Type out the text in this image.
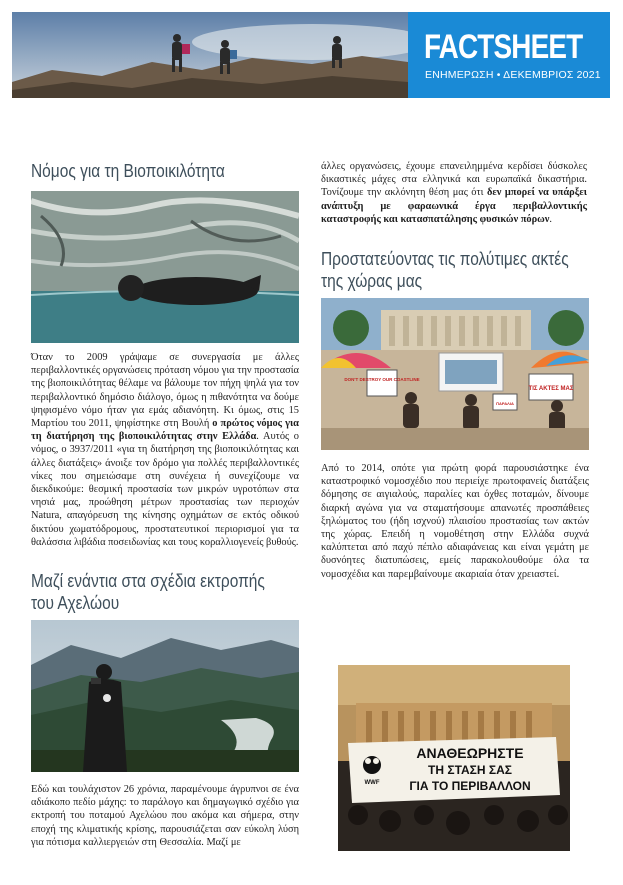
FACTSHEET
ΕΝΗΜΕΡΩΣΗ • ΔΕΚΕΜΒΡΙΟΣ 2021
Νόμος για τη Βιοποικιλότητα

Όταν το 2009 γράψαμε σε συνεργασία με άλλες περιβαλλοντικές οργανώσεις πρόταση νόμου για την προστασία της βιοποικιλότητας θέλαμε να βάλουμε τον πήχη ψηλά για τον περιβαλλοντικό δημόσιο διάλογο, όμως η πιθανότητα να δούμε ψηφισμένο νόμο ήταν για εμάς αδιανόητη. Κι όμως, στις 15 Μαρτίου του 2011, ψηφίστηκε στη Βουλή ο πρώτος νόμος για τη διατήρηση της βιοποικιλότητας στην Ελλάδα. Αυτός ο νόμος, ο 3937/2011 «για τη διατήρηση της βιοποικιλότητας και άλλες διατάξεις» άνοιξε τον δρόμο για πολλές περιβαλλοντικές νίκες που σημειώσαμε στη συνέχεια ή συνεχίζουμε να διεκδικούμε: θεσμική προστασία των μικρών υγροτόπων στα νησιά μας, προώθηση μέτρων προστασίας των περιοχών Natura, απαγόρευση της κίνησης οχημάτων σε εκτός οδικού δικτύου χωματόδρομους, προστατευτικοί περιορισμοί για τα θαλάσσια λιβάδια ποσειδωνίας και τους κοραλλιογενείς βυθούς.

Μαζί ενάντια στα σχέδια εκτροπής
του Αχελώου

Εδώ και τουλάχιστον 26 χρόνια, παραμένουμε άγρυπνοι σε ένα αδιάκοπο πεδίο μάχης: το παράλογο και δημαγωγικό σχέδιο για εκτροπή του ποταμού Αχελώου που ακόμα και σήμερα, στην εποχή της κλιματικής κρίσης, παρουσιάζεται σαν εύκολη λύση για πότισμα καλλιεργειών στη Θεσσαλία. Μαζί με

άλλες οργανώσεις, έχουμε επανειλημμένα κερδίσει δύσκολες δικαστικές μάχες στα ελληνικά και ευρωπαϊκά δικαστήρια. Τονίζουμε την ακλόνητη θέση μας ότι δεν μπορεί να υπάρξει ανάπτυξη με φαραωνικά έργα περιβαλλοντικής καταστροφής και κατασπατάλησης φυσικών πόρων.

Προστατεύοντας τις πολύτιμες ακτές
της χώρας μας
DON'T DESTROY OUR COASTLINE
ΤΙΣ ΑΚΤΕΣ ΜΑΣ
ΠΑΡΑΛΙΑ

Από το 2014, οπότε για πρώτη φορά παρουσιάστηκε ένα καταστροφικό νομοσχέδιο που περιείχε πρωτοφανείς διατάξεις δόμησης σε αιγιαλούς, παραλίες και όχθες ποταμών, δίνουμε διαρκή αγώνα για να σταματήσουμε απανωτές προσπάθειες ξηλώματος του (ήδη ισχνού) πλαισίου προστασίας των ακτών της χώρας. Επειδή η νομοθέτηση στην Ελλάδα συχνά καλύπτεται από παχύ πέπλο αδιαφάνειας και είναι γεμάτη με δυσνόητες διατυπώσεις, εμείς παρακολουθούμε όλα τα νομοσχέδια και παρεμβαίνουμε ακαριαία όταν χρειαστεί.

WWF
ΑΝΑΘΕΩΡΗΣΤΕ
ΤΗ ΣΤΑΣΗ ΣΑΣ
ΓΙΑ ΤΟ ΠΕΡΙΒΑΛΛΟΝ
